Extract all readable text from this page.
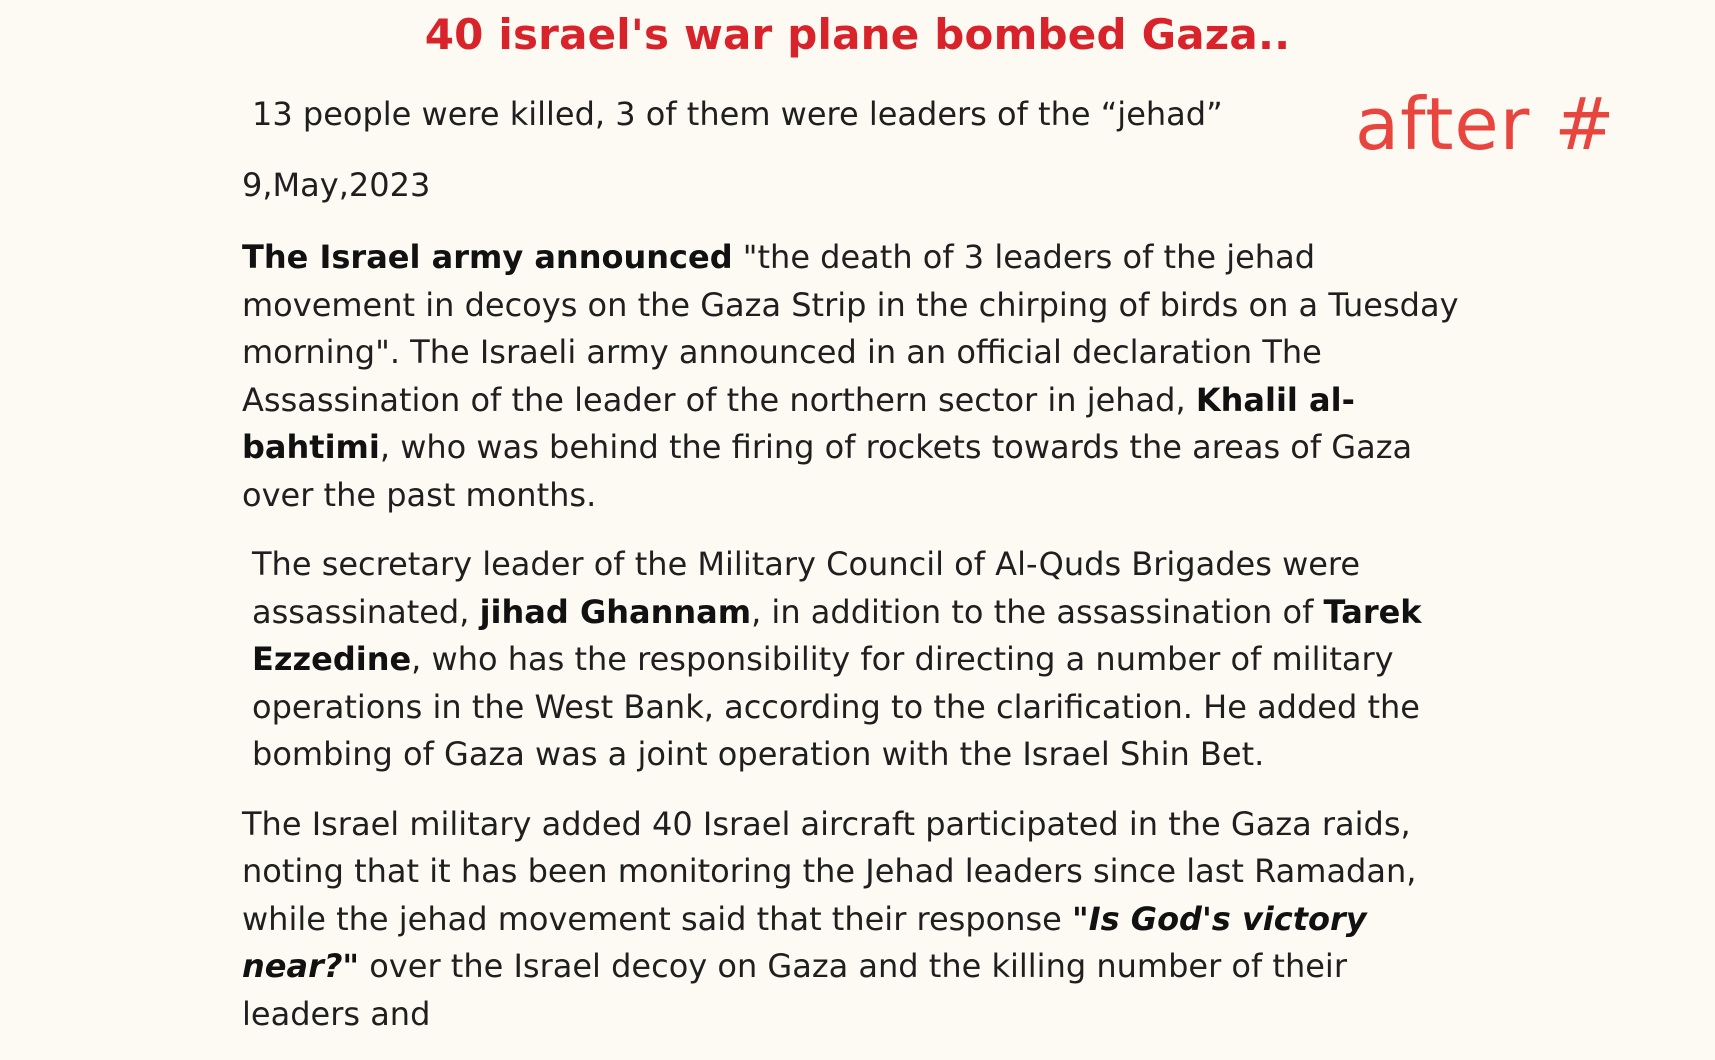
40 israel's war plane bombed Gaza..

13 people were killed, 3 of them were leaders of the “jehad” after #

9,May,2023

The Israel army announced "the death of 3 leaders of the jehad movement in decoys on the Gaza Strip in the chirping of birds on a Tuesday morning". The Israeli army announced in an official declaration The Assassination of the leader of the northern sector in jehad, Khalil al-bahtimi, who was behind the firing of rockets towards the areas of Gaza over the past months.

The secretary leader of the Military Council of Al-Quds Brigades were assassinated, jihad Ghannam, in addition to the assassination of Tarek Ezzedine, who has the responsibility for directing a number of military operations in the West Bank, according to the clarification. He added the bombing of Gaza was a joint operation with the Israel Shin Bet.

The Israel military added 40 Israel aircraft participated in the Gaza raids, noting that it has been monitoring the Jehad leaders since last Ramadan, while the jehad movement said that their response "Is God's victory near?" over the Israel decoy on Gaza and the killing number of their leaders and
